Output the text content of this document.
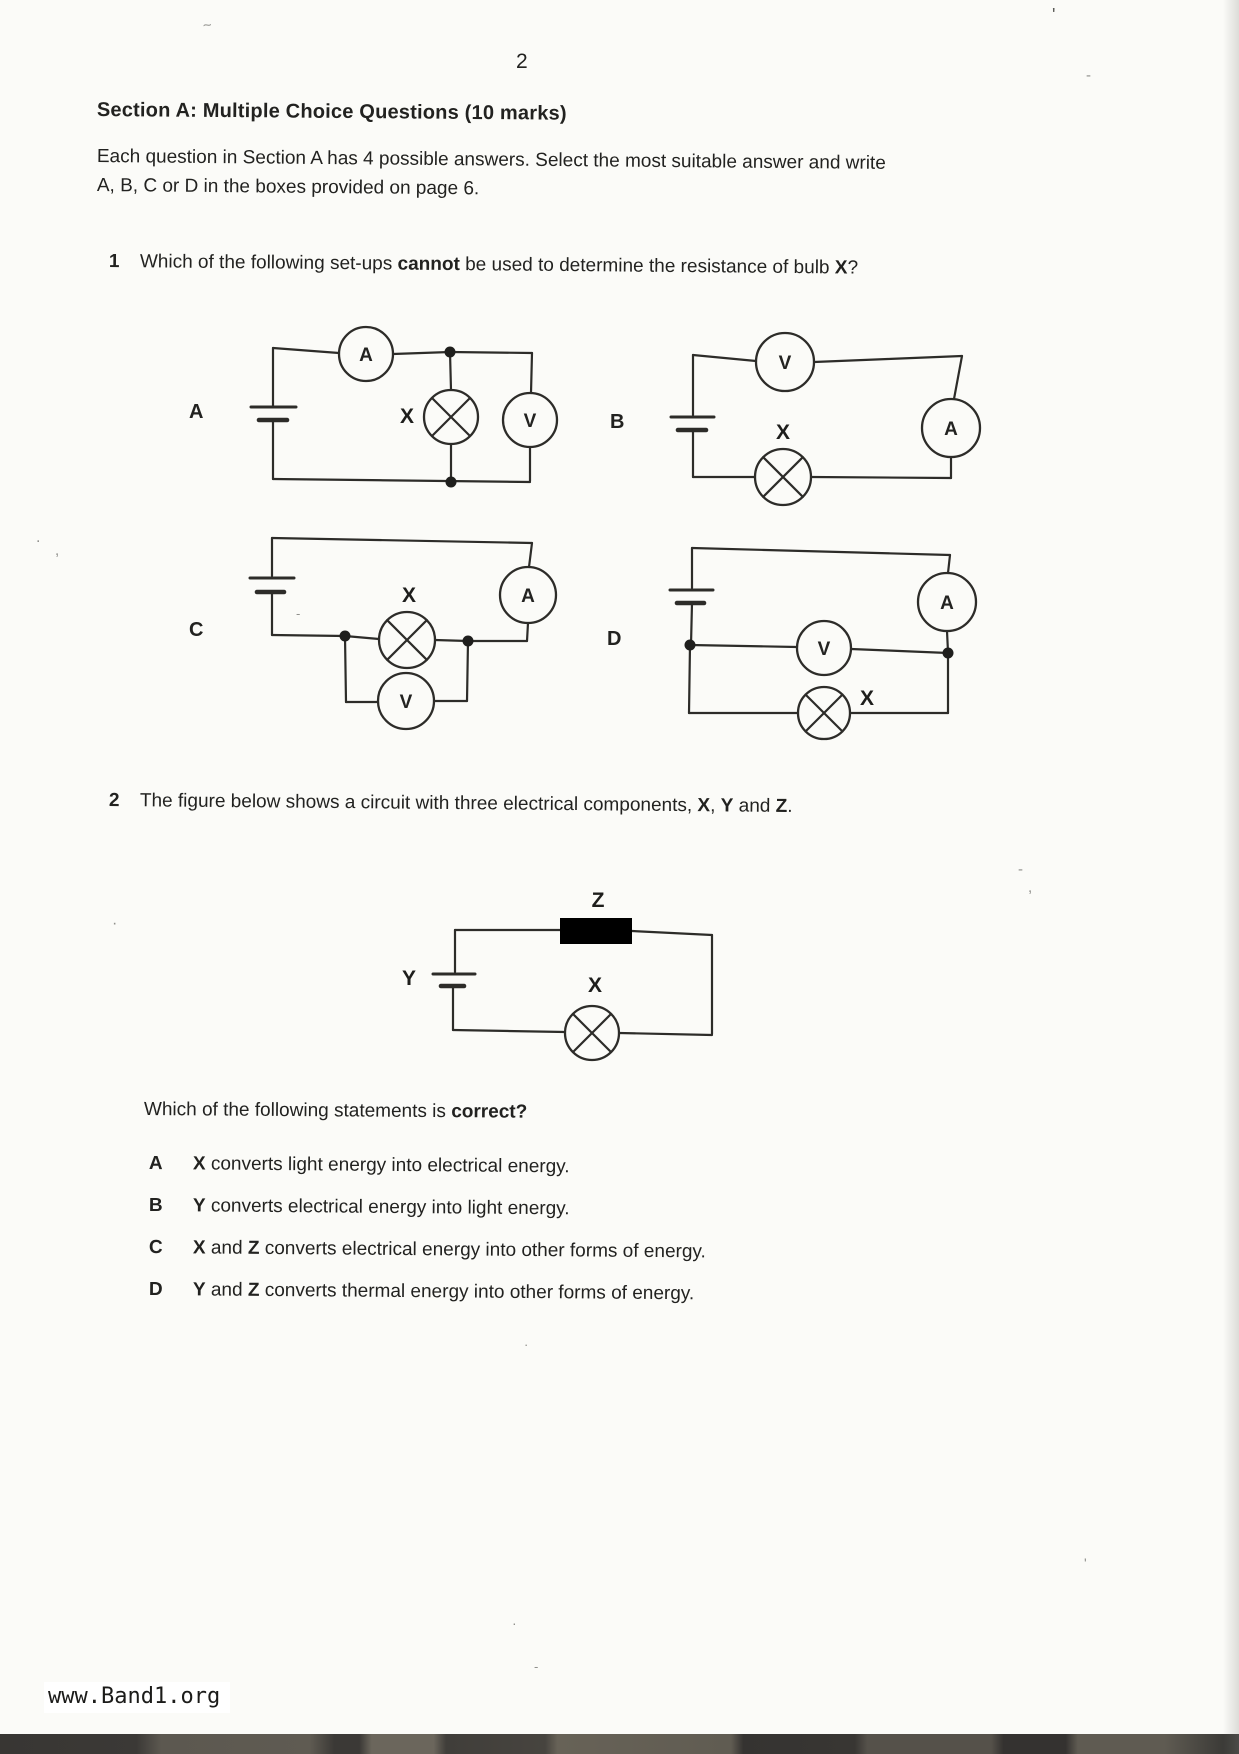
~
'
-
.
,
-
,
·
-
'
·
-
·
2
Section A: Multiple Choice Questions (10 marks)

Each question in Section A has 4 possible answers. Select the most suitable answer and write

A, B, C or D in the boxes provided on page 6.

1 Which of the following set-ups cannot be used to determine the resistance of bulb X?
A
A
X	V	B
V
A
X
C
A
X
V
D
A
V
X
2 The figure below shows a circuit with three electrical components, X, Y and Z.
Z
Y	X
Which of the following statements is correct?
A X converts light energy into electrical energy.
B Y converts electrical energy into light energy.
C X and Z converts electrical energy into other forms of energy.
D Y and Z converts thermal energy into other forms of energy.
www.Band1.org
